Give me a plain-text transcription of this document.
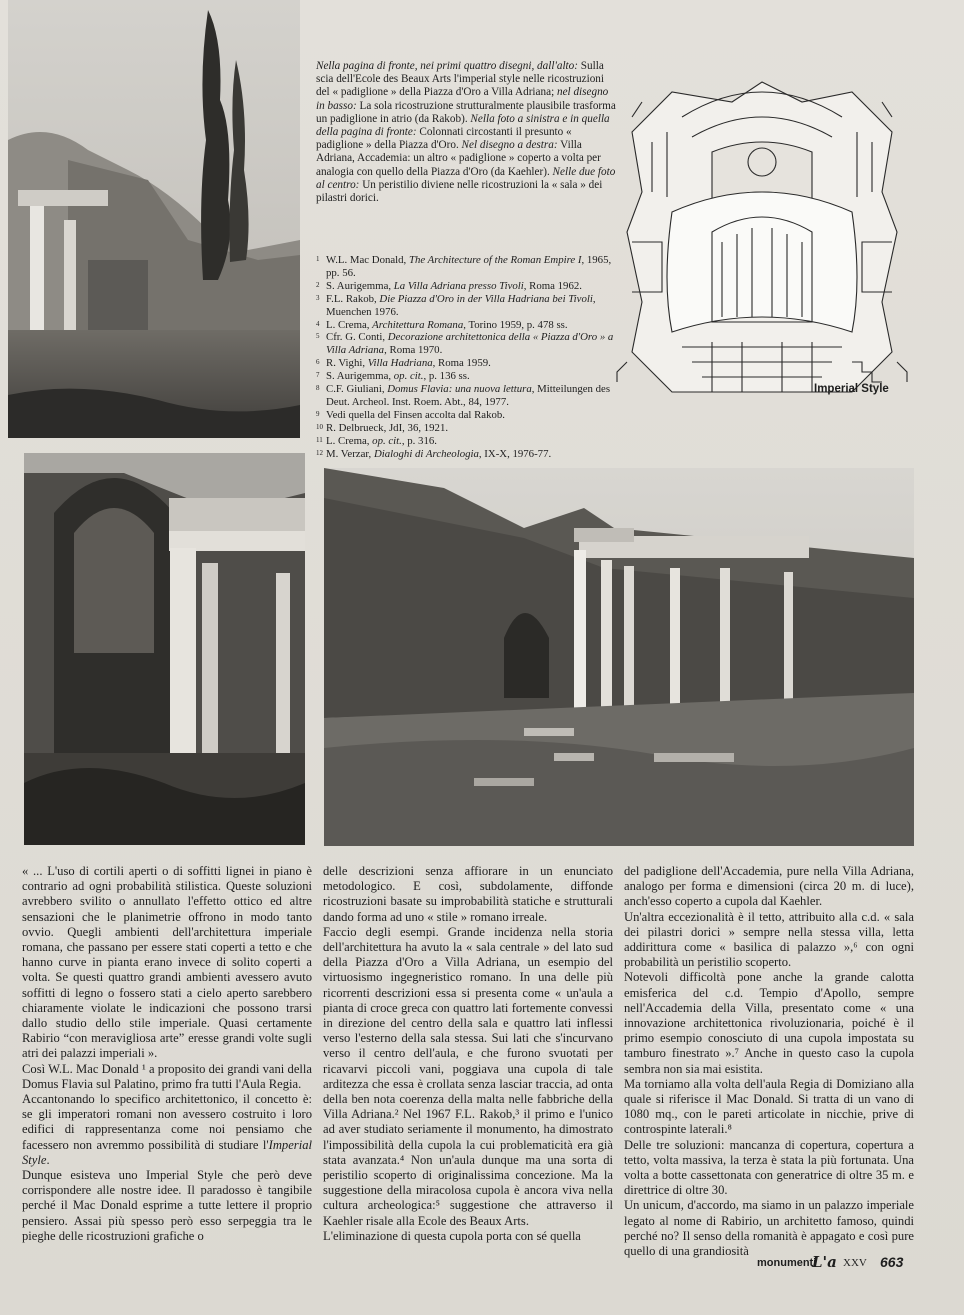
Nella pagina di fronte, nei primi quattro disegni, dall'alto: Sulla scia dell'Ecole des Beaux Arts l'imperial style nelle ricostruzioni del « padiglione » della Piazza d'Oro a Villa Adriana; nel disegno in basso: La sola ricostruzione strutturalmente plausibile trasforma un padiglione in atrio (da Rakob). Nella foto a sinistra e in quella della pagina di fronte: Colonnati circostanti il presunto « padiglione » della Piazza d'Oro. Nel disegno a destra: Villa Adriana, Accademia: un altro « padiglione » coperto a volta per analogia con quello della Piazza d'Oro (da Kaehler). Nelle due foto al centro: Un peristilio diviene nelle ricostruzioni la « sala » dei pilastri dorici.

1 W.L. Mac Donald, The Architecture of the Roman Empire I, 1965, pp. 56.
2 S. Aurigemma, La Villa Adriana presso Tivoli, Roma 1962.
3 F.L. Rakob, Die Piazza d'Oro in der Villa Hadriana bei Tivoli, Muenchen 1976.
4 L. Crema, Architettura Romana, Torino 1959, p. 478 ss.
5 Cfr. G. Conti, Decorazione architettonica della « Piazza d'Oro » a Villa Adriana, Roma 1970.
6 R. Vighi, Villa Hadriana, Roma 1959.
7 S. Aurigemma, op. cit., p. 136 ss.
8 C.F. Giuliani, Domus Flavia: una nuova lettura, Mitteilungen des Deut. Archeol. Inst. Roem. Abt., 84, 1977.
9 Vedi quella del Finsen accolta dal Rakob.
10 R. Delbrueck, JdI, 36, 1921.
11 L. Crema, op. cit., p. 316.
12 M. Verzar, Dialoghi di Archeologia, IX-X, 1976-77.
Imperial Style

« ... L'uso di cortili aperti o di soffitti lignei in piano è contrario ad ogni probabilità stilistica. Queste soluzioni avrebbero svilito o annullato l'effetto ottico ed altre sensazioni che le planimetrie offrono in modo tanto ovvio. Quegli ambienti dell'architettura imperiale romana, che passano per essere stati coperti a tetto e che hanno curve in pianta erano invece di solito coperti a volta. Se questi quattro grandi ambienti avessero avuto soffitti di legno o fossero stati a cielo aperto sarebbero chiaramente violate le indicazioni che possono trarsi dallo studio dello stile imperiale. Quasi certamente Rabirio “con meravigliosa arte” eresse grandi volte sugli atri dei palazzi imperiali ».

Così W.L. Mac Donald ¹ a proposito dei grandi vani della Domus Flavia sul Palatino, primo fra tutti l'Aula Regia.

Accantonando lo specifico architettonico, il concetto è: se gli imperatori romani non avessero costruito i loro edifici di rappresentanza come noi pensiamo che facessero non avremmo possibilità di studiare l'Imperial Style.

Dunque esisteva uno Imperial Style che però deve corrispondere alle nostre idee. Il paradosso è tangibile perché il Mac Donald esprime a tutte lettere il proprio pensiero. Assai più spesso però esso serpeggia tra le pieghe delle ricostruzioni grafiche o

delle descrizioni senza affiorare in un enunciato metodologico. E così, subdolamente, diffonde ricostruzioni basate su improbabilità statiche e strutturali dando forma ad uno « stile » romano irreale.

Faccio degli esempi. Grande incidenza nella storia dell'architettura ha avuto la « sala centrale » del lato sud della Piazza d'Oro a Villa Adriana, un esempio del virtuosismo ingegneristico romano. In una delle più ricorrenti descrizioni essa si presenta come « un'aula a pianta di croce greca con quattro lati fortemente convessi in direzione del centro della sala e quattro lati inflessi verso l'esterno della sala stessa. Sui lati che s'incurvano verso il centro dell'aula, e che furono svuotati per ricavarvi piccoli vani, poggiava una cupola di tale arditezza che essa è crollata senza lasciar traccia, ad onta della ben nota coerenza della malta nelle fabbriche della Villa Adriana.² Nel 1967 F.L. Rakob,³ il primo e l'unico ad aver studiato seriamente il monumento, ha dimostrato l'impossibilità della cupola la cui problematicità era già stata avanzata.⁴ Non un'aula dunque ma una sorta di peristilio scoperto di originalissima concezione. Ma la suggestione della miracolosa cupola è ancora viva nella cultura archeologica:⁵ suggestione che attraverso il Kaehler risale alla Ecole des Beaux Arts.

L'eliminazione di questa cupola porta con sé quella

del padiglione dell'Accademia, pure nella Villa Adriana, analogo per forma e dimensioni (circa 20 m. di luce), anch'esso coperto a cupola dal Kaehler.

Un'altra eccezionalità è il tetto, attribuito alla c.d. « sala dei pilastri dorici » sempre nella stessa villa, letta addirittura come « basilica di palazzo »,⁶ con ogni probabilità un peristilio scoperto.

Notevoli difficoltà pone anche la grande calotta emisferica del c.d. Tempio d'Apollo, sempre nell'Accademia della Villa, presentato come « una innovazione architettonica rivoluzionaria, poiché è il primo esempio conosciuto di una cupola impostata su tamburo finestrato ».⁷ Anche in questo caso la cupola sembra non sia mai esistita.

Ma torniamo alla volta dell'aula Regia di Domiziano alla quale si riferisce il Mac Donald. Si tratta di un vano di 1080 mq., con le pareti articolate in nicchie, prive di controspinte laterali.⁸

Delle tre soluzioni: mancanza di copertura, copertura a tetto, volta massiva, la terza è stata la più fortunata. Una volta a botte cassettonata con generatrice di oltre 35 m. e direttrice di oltre 30.

Un unicum, d'accordo, ma siamo in un palazzo imperiale legato al nome di Rabirio, un architetto famoso, quindi perché no? Il senso della romanità è appagato e così pure quello di una grandiosità

monumenti
L'a XXV 663
